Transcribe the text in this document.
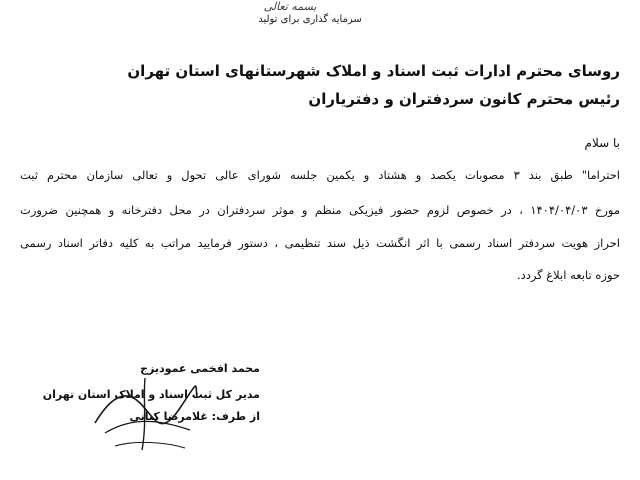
بسمه تعالی
سرمایه گذاری برای تولید
روسای محترم ادارات ثبت اسناد و املاک شهرستانهای استان تهران
رئیس محترم کانون سردفتران و دفتریاران
با سلام
احتراما" طبق بند ۳ مصوبات یکصد و هشتاد و یکمین جلسه شورای عالی تحول و تعالی سازمان محترم ثبت
مورخ ۱۴۰۴/۰۴/۰۳ ، در خصوص لزوم حضور فیزیکی منظم و موثر سردفتران در محل دفترخانه و همچنین ضرورت
احراز هویت سردفتر اسناد رسمی با اثر انگشت ذیل سند تنظیمی ، دستور فرمایید مراتب به کلیه دفاتر اسناد رسمی
حوزه تابعه ابلاغ گردد.
محمد افخمی عمودیزج
مدیر کل ثبت اسناد و املاک استان تهران
از طرف: غلامرضا کیانی
